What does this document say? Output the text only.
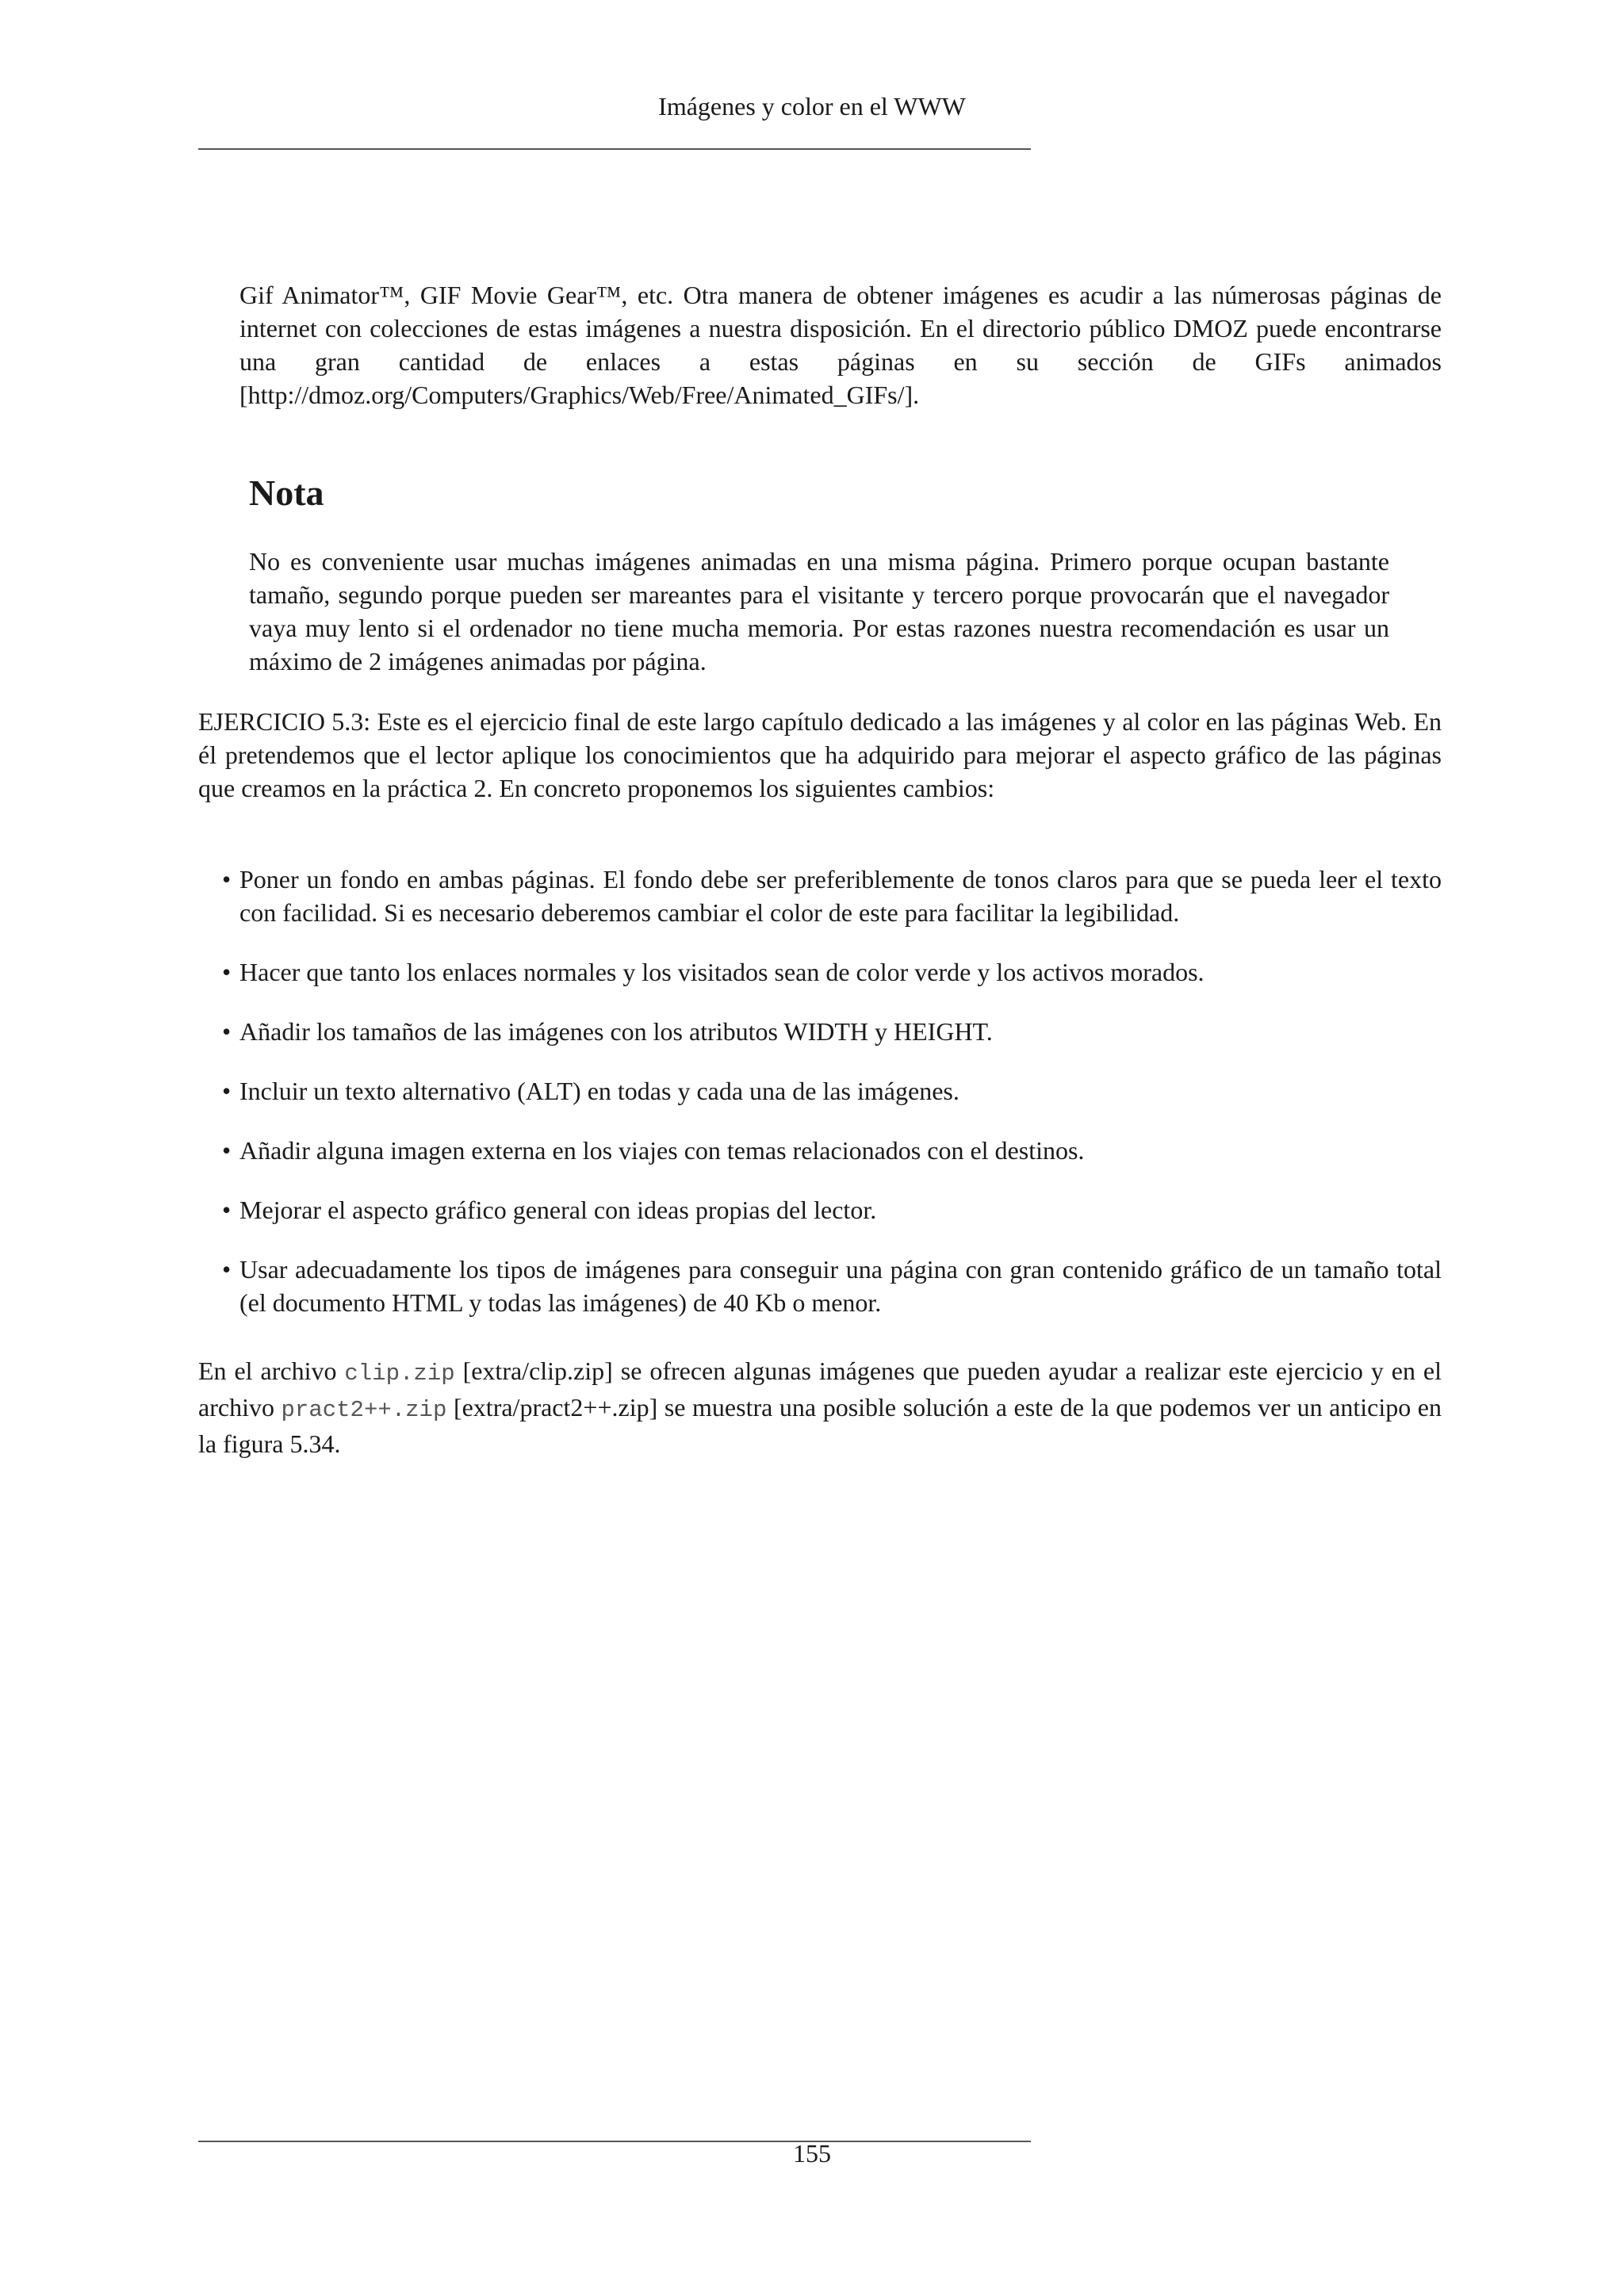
Imágenes y color en el WWW

Gif Animator™, GIF Movie Gear™, etc. Otra manera de obtener imágenes es acudir a las númerosas páginas de internet con colecciones de estas imágenes a nuestra disposición. En el directorio público DMOZ puede encontrarse una gran cantidad de enlaces a estas páginas en su sección de GIFs animados [http://dmoz.org/Computers/Graphics/Web/Free/Animated_GIFs/].

Nota

No es conveniente usar muchas imágenes animadas en una misma página. Primero porque ocupan bastante tamaño, segundo porque pueden ser mareantes para el visitante y tercero porque provocarán que el navegador vaya muy lento si el ordenador no tiene mucha memoria. Por estas razones nuestra recomendación es usar un máximo de 2 imágenes animadas por página.

EJERCICIO 5.3: Este es el ejercicio final de este largo capítulo dedicado a las imágenes y al color en las páginas Web. En él pretendemos que el lector aplique los conocimientos que ha adquirido para mejorar el aspecto gráfico de las páginas que creamos en la práctica 2. En concreto proponemos los siguientes cambios:

• Poner un fondo en ambas páginas. El fondo debe ser preferiblemente de tonos claros para que se pueda leer el texto con facilidad. Si es necesario deberemos cambiar el color de este para facilitar la legibilidad.
• Hacer que tanto los enlaces normales y los visitados sean de color verde y los activos morados.
• Añadir los tamaños de las imágenes con los atributos WIDTH y HEIGHT.
• Incluir un texto alternativo (ALT) en todas y cada una de las imágenes.
• Añadir alguna imagen externa en los viajes con temas relacionados con el destinos.
• Mejorar el aspecto gráfico general con ideas propias del lector.
• Usar adecuadamente los tipos de imágenes para conseguir una página con gran contenido gráfico de un tamaño total (el documento HTML y todas las imágenes) de 40 Kb o menor.

En el archivo clip.zip [extra/clip.zip] se ofrecen algunas imágenes que pueden ayudar a realizar este ejercicio y en el archivo pract2++.zip [extra/pract2++.zip] se muestra una posible solución a este de la que podemos ver un anticipo en la figura 5.34.

155
